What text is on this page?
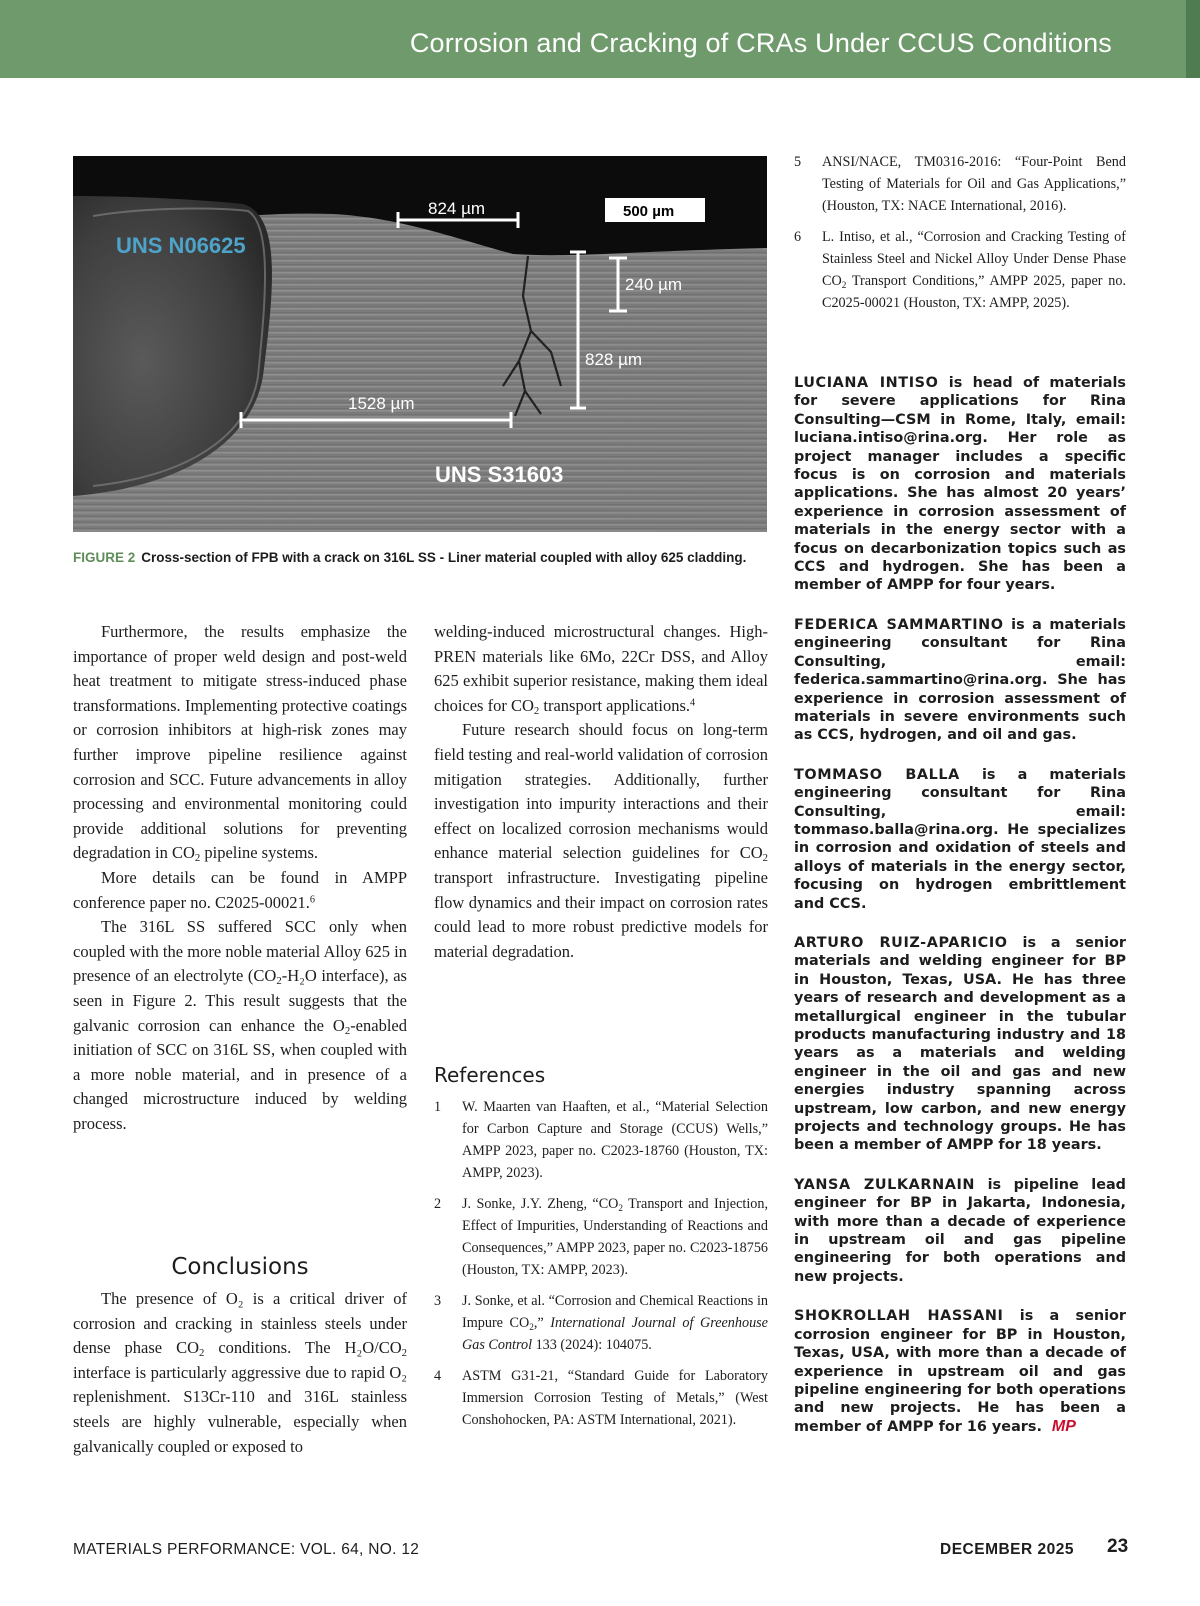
Corrosion and Cracking of CRAs Under CCUS Conditions
824 µm
240 µm
828 µm
1528 µm
500 µm
UNS N06625
UNS S31603
FIGURE 2 Cross-section of FPB with a crack on 316L SS - Liner material coupled with alloy 625 cladding.

Furthermore, the results emphasize the importance of proper weld design and post-weld heat treatment to mitigate stress-induced phase transformations. Implementing protective coatings or corrosion inhibitors at high-risk zones may further improve pipeline resilience against corrosion and SCC. Future advancements in alloy processing and environmental monitoring could provide additional solutions for preventing degradation in $CO_2$ pipeline systems.

More details can be found in AMPP conference paper no. C2025-00021.$^6$

The 316L SS suffered SCC only when coupled with the more noble material Alloy 625 in presence of an electrolyte ($CO_2$-H₂O interface), as seen in Figure 2. This result suggests that the galvanic corrosion can enhance the $O_2$-enabled initiation of SCC on 316L SS, when coupled with a more noble material, and in presence of a changed microstructure induced by welding process.

Conclusions

The presence of O₂ is a critical driver of corrosion and cracking in stainless steels under dense phase $CO_2$ conditions. The H₂O/$CO_2$ interface is particularly aggressive due to rapid O₂ replenishment. S13Cr-110 and 316L stainless steels are highly vulnerable, especially when galvanically coupled or exposed to

welding-induced microstructural changes. High-PREN materials like 6Mo, 22Cr DSS, and Alloy 625 exhibit superior resistance, making them ideal choices for $CO_2$ transport applications.$^4$

Future research should focus on long-term field testing and real-world validation of corrosion mitigation strategies. Additionally, further investigation into impurity interactions and their effect on localized corrosion mechanisms would enhance material selection guidelines for $CO_2$ transport infrastructure. Investigating pipeline flow dynamics and their impact on corrosion rates could lead to more robust predictive models for material degradation.

References
1 W. Maarten van Haaften, et al., “Material Selection for Carbon Capture and Storage (CCUS) Wells,” AMPP 2023, paper no. C2023-18760 (Houston, TX: AMPP, 2023).
2 J. Sonke, J.Y. Zheng, “$CO_2$ Transport and Injection, Effect of Impurities, Understanding of Reactions and Consequences,” AMPP 2023, paper no. C2023-18756 (Houston, TX: AMPP, 2023).
3 J. Sonke, et al. “Corrosion and Chemical Reactions in Impure $CO_2$,” International Journal of Greenhouse Gas Control 133 (2024): 104075.
4 ASTM G31-21, “Standard Guide for Laboratory Immersion Corrosion Testing of Metals,” (West Conshohocken, PA: ASTM International, 2021).
5 ANSI/NACE, TM0316-2016: “Four-Point Bend Testing of Materials for Oil and Gas Applications,” (Houston, TX: NACE International, 2016).
6 L. Intiso, et al., “Corrosion and Cracking Testing of Stainless Steel and Nickel Alloy Under Dense Phase $CO_2$ Transport Conditions,” AMPP 2025, paper no. C2025-00021 (Houston, TX: AMPP, 2025).

LUCIANA INTISO is head of materials for severe applications for Rina Consulting—CSM in Rome, Italy, email: luciana.intiso@rina.org. Her role as project manager includes a specific focus is on corrosion and materials applications. She has almost 20 years’ experience in corrosion assessment of materials in the energy sector with a focus on decarbonization topics such as CCS and hydrogen. She has been a member of AMPP for four years.

FEDERICA SAMMARTINO is a materials engineering consultant for Rina Consulting, email: federica.sammartino@rina.org. She has experience in corrosion assessment of materials in severe environments such as CCS, hydrogen, and oil and gas.

TOMMASO BALLA is a materials engineering consultant for Rina Consulting, email: tommaso.balla@rina.org. He specializes in corrosion and oxidation of steels and alloys of materials in the energy sector, focusing on hydrogen embrittlement and CCS.

ARTURO RUIZ-APARICIO is a senior materials and welding engineer for BP in Houston, Texas, USA. He has three years of research and development as a metallurgical engineer in the tubular products manufacturing industry and 18 years as a materials and welding engineer in the oil and gas and new energies industry spanning across upstream, low carbon, and new energy projects and technology groups. He has been a member of AMPP for 18 years.

YANSA ZULKARNAIN is pipeline lead engineer for BP in Jakarta, Indonesia, with more than a decade of experience in upstream oil and gas pipeline engineering for both operations and new projects.

SHOKROLLAH HASSANI is a senior corrosion engineer for BP in Houston, Texas, USA, with more than a decade of experience in upstream oil and gas pipeline engineering for both operations and new projects. He has been a member of AMPP for 16 years. MP

MATERIALS PERFORMANCE: VOL. 64, NO. 12	DECEMBER 2025 23
